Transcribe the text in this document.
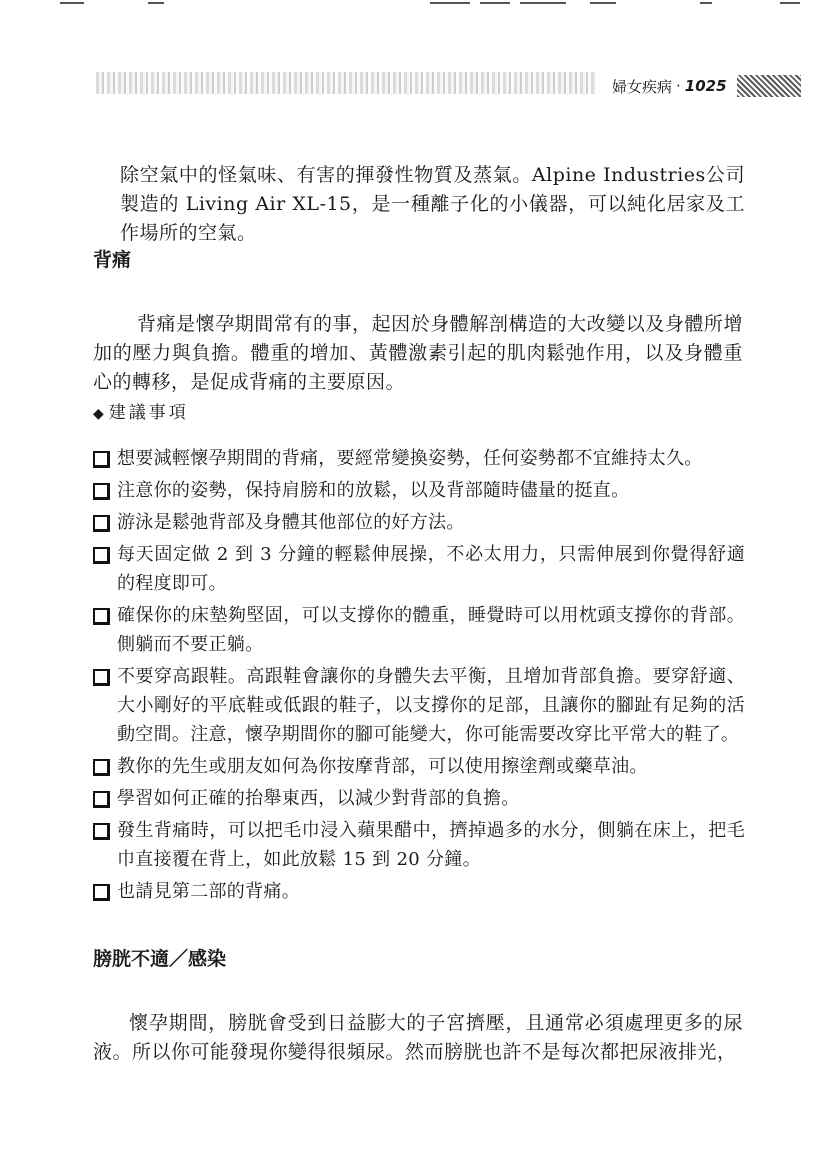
婦女疾病 · 1025

除空氣中的怪氣味、有害的揮發性物質及蒸氣。Alpine Industries公司製造的 Living Air XL-15，是一種離子化的小儀器，可以純化居家及工作場所的空氣。

背痛

背痛是懷孕期間常有的事，起因於身體解剖構造的大改變以及身體所增加的壓力與負擔。體重的增加、黃體激素引起的肌肉鬆弛作用，以及身體重心的轉移，是促成背痛的主要原因。

◆ 建議事項
想要減輕懷孕期間的背痛，要經常變換姿勢，任何姿勢都不宜維持太久。
注意你的姿勢，保持肩膀和的放鬆，以及背部隨時儘量的挺直。
游泳是鬆弛背部及身體其他部位的好方法。
每天固定做 2 到 3 分鐘的輕鬆伸展操，不必太用力，只需伸展到你覺得舒適的程度即可。
確保你的床墊夠堅固，可以支撐你的體重，睡覺時可以用枕頭支撐你的背部。側躺而不要正躺。
不要穿高跟鞋。高跟鞋會讓你的身體失去平衡，且增加背部負擔。要穿舒適、大小剛好的平底鞋或低跟的鞋子，以支撐你的足部，且讓你的腳趾有足夠的活動空間。注意，懷孕期間你的腳可能變大，你可能需要改穿比平常大的鞋了。
教你的先生或朋友如何為你按摩背部，可以使用擦塗劑或藥草油。
學習如何正確的抬舉東西，以減少對背部的負擔。
發生背痛時，可以把毛巾浸入蘋果醋中，擠掉過多的水分，側躺在床上，把毛巾直接覆在背上，如此放鬆 15 到 20 分鐘。
也請見第二部的背痛。
膀胱不適／感染

懷孕期間，膀胱會受到日益膨大的子宮擠壓，且通常必須處理更多的尿液。所以你可能發現你變得很頻尿。然而膀胱也許不是每次都把尿液排光，
